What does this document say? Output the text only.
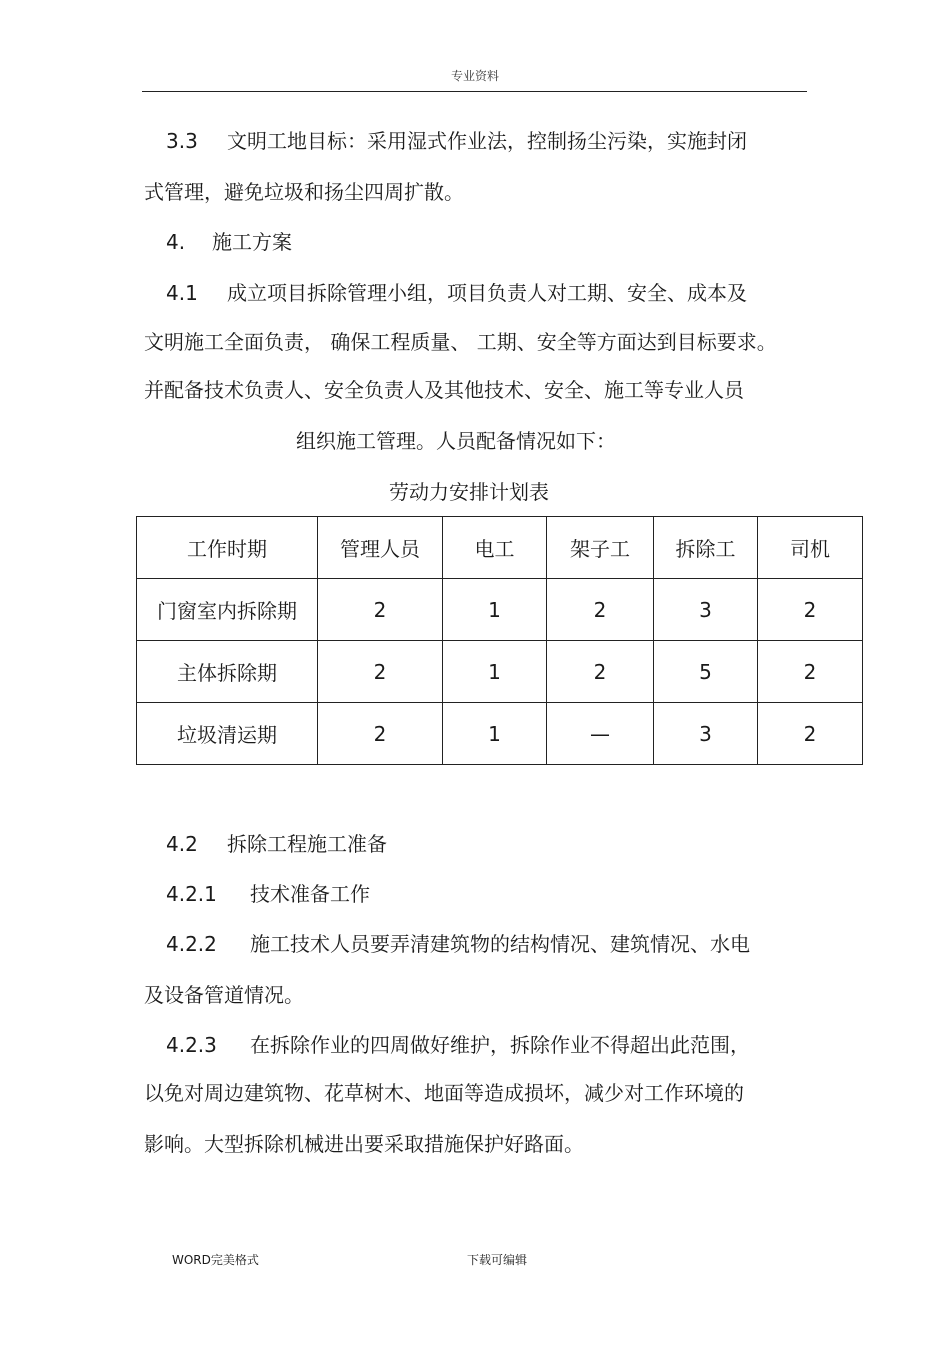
专业资料
3.3 文明工地目标：采用湿式作业法，控制扬尘污染，实施封闭
式管理，避免垃圾和扬尘四周扩散。
4. 施工方案
4.1 成立项目拆除管理小组，项目负责人对工期、安全、成本及
文明施工全面负责， 确保工程质量、 工期、安全等方面达到目标要求。
并配备技术负责人、安全负责人及其他技术、安全、施工等专业人员
组织施工管理。人员配备情况如下：
劳动力安排计划表
工作时期	管理人员	电工	架子工	拆除工	司机
门窗室内拆除期	2	1	2	3	2
主体拆除期	2	1	2	5	2
垃圾清运期	2	1	—	3	2
4.2 拆除工程施工准备
4.2.1 技术准备工作
4.2.2 施工技术人员要弄清建筑物的结构情况、建筑情况、水电
及设备管道情况。
4.2.3 在拆除作业的四周做好维护，拆除作业不得超出此范围，
以免对周边建筑物、花草树木、地面等造成损坏，减少对工作环境的
影响。大型拆除机械进出要采取措施保护好路面。
WORD完美格式	下载可编辑
